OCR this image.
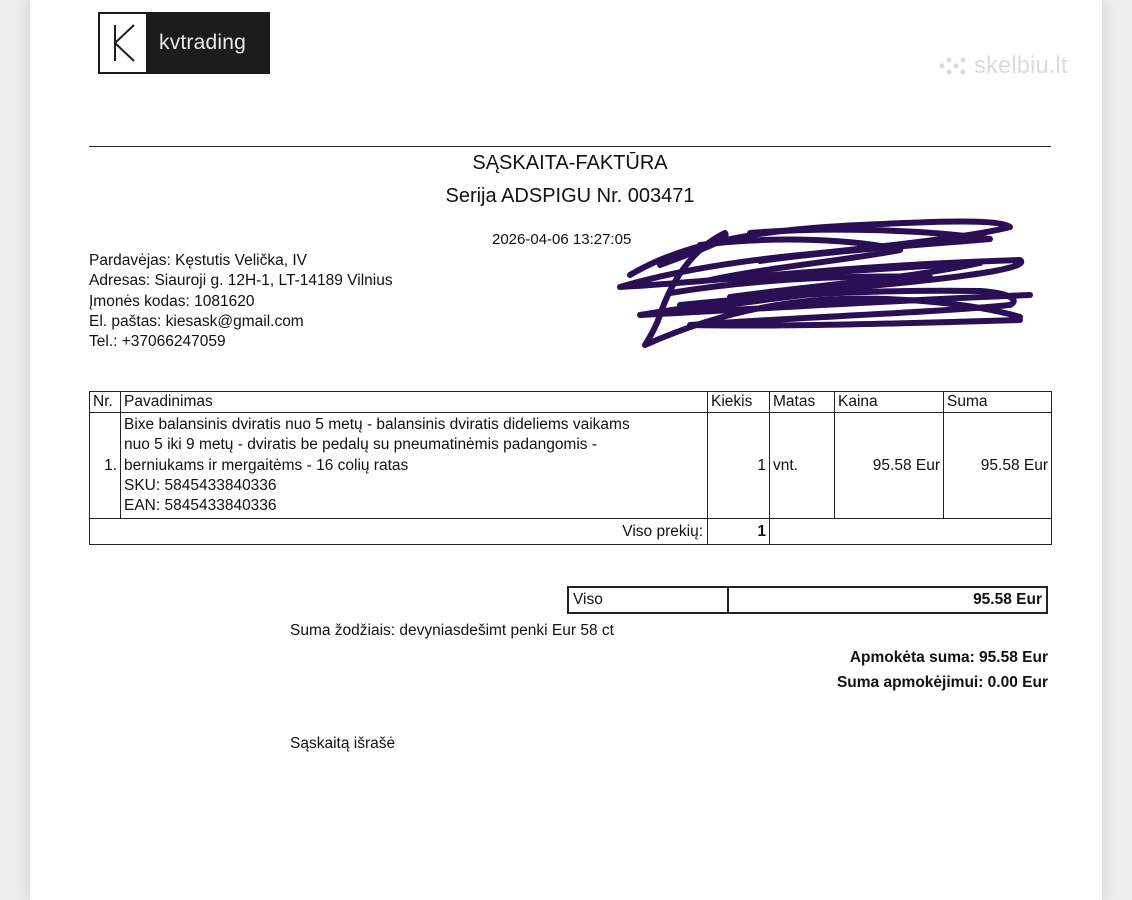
kvtrading
skelbiu.lt
SĄSKAITA-FAKTŪRA
Serija ADSPIGU Nr. 003471
2026-04-06 13:27:05
Pardavėjas: Kęstutis Velička, IV
Adresas: Siauroji g. 12H-1, LT-14189 Vilnius
Įmonės kodas: 1081620
El. paštas: kiesask@gmail.com
Tel.: +37066247059
Nr.	Pavadinimas	Kiekis	Matas	Kaina	Suma
1.	Bixe balansinis dviratis nuo 5 metų - balansinis dviratis dideliems vaikams
nuo 5 iki 9 metų - dviratis be pedalų su pneumatinėmis padangomis -
berniukams ir mergaitėms - 16 colių ratas
SKU: 5845433840336
EAN: 5845433840336	1	vnt.	95.58 Eur	95.58 Eur
Viso prekių:		1			
Viso	95.58 Eur
Suma žodžiais: devyniasdešimt penki Eur 58 ct
Apmokėta suma: 95.58 Eur
Suma apmokėjimui: 0.00 Eur
Sąskaitą išrašė
